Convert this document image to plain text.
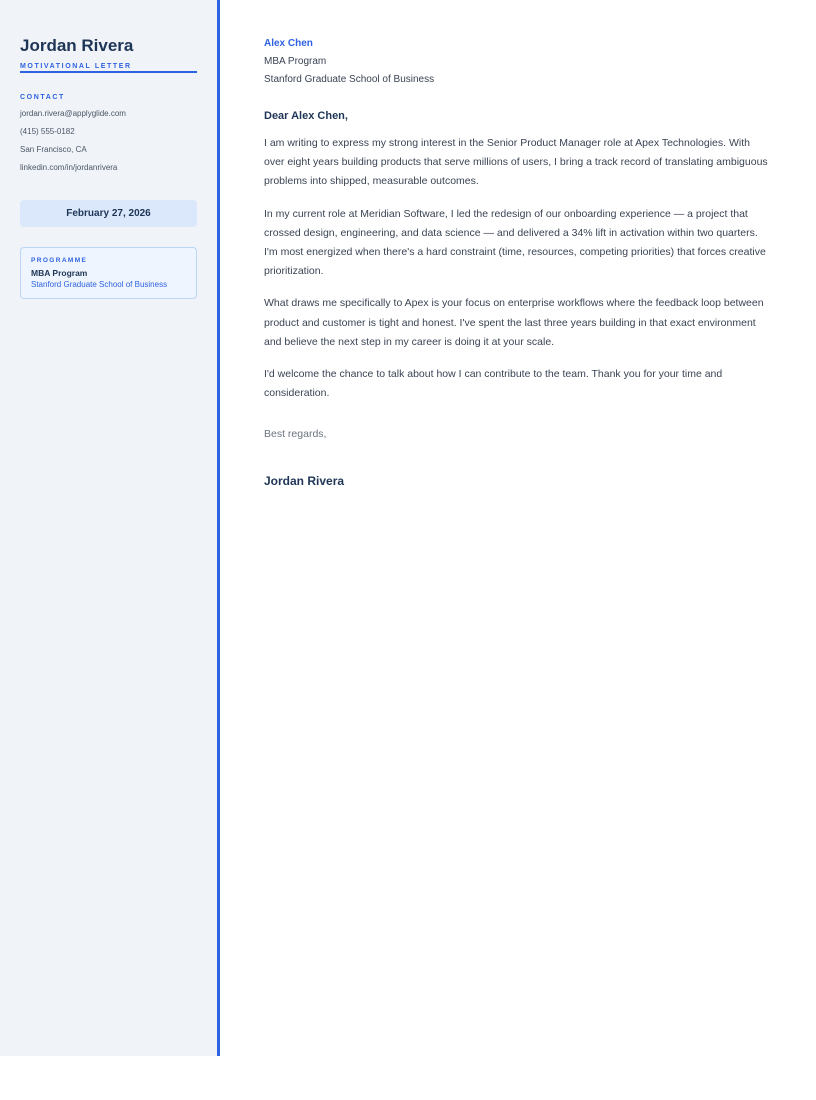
Jordan Rivera
MOTIVATIONAL LETTER
CONTACT
jordan.rivera@applyglide.com
(415) 555-0182
San Francisco, CA
linkedin.com/in/jordanrivera
February 27, 2026
PROGRAMME
MBA Program
Stanford Graduate School of Business
Alex Chen
MBA Program
Stanford Graduate School of Business
Dear Alex Chen,

I am writing to express my strong interest in the Senior Product Manager role at Apex Technologies. With over eight years building products that serve millions of users, I bring a track record of translating ambiguous problems into shipped, measurable outcomes.

In my current role at Meridian Software, I led the redesign of our onboarding experience — a project that crossed design, engineering, and data science — and delivered a 34% lift in activation within two quarters. I'm most energized when there's a hard constraint (time, resources, competing priorities) that forces creative prioritization.

What draws me specifically to Apex is your focus on enterprise workflows where the feedback loop between product and customer is tight and honest. I've spent the last three years building in that exact environment and believe the next step in my career is doing it at your scale.

I'd welcome the chance to talk about how I can contribute to the team. Thank you for your time and consideration.

Best regards,
Jordan Rivera
